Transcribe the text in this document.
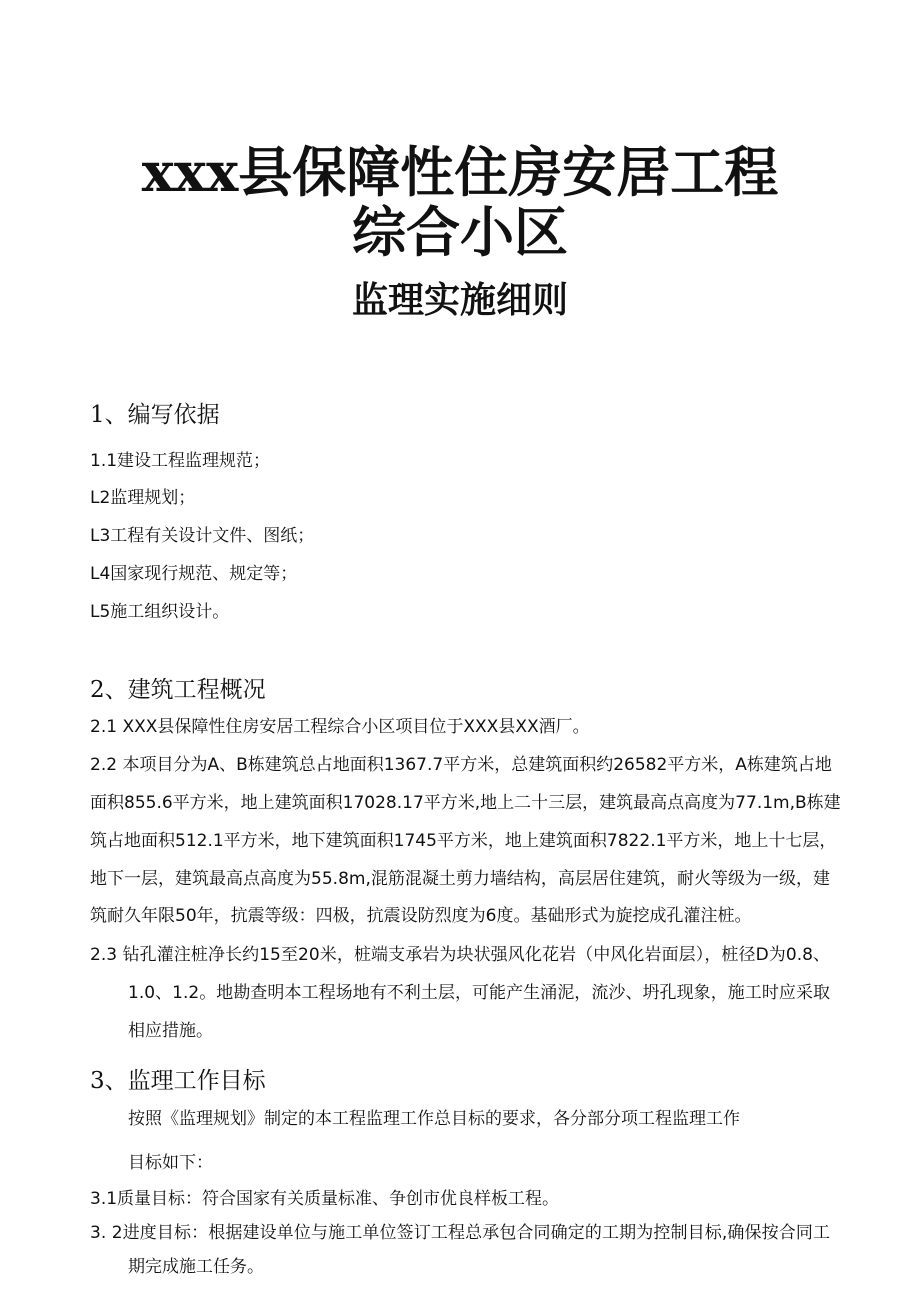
xxx县保障性住房安居工程
综合小区
监理实施细则
1、编写依据
1.1建设工程监理规范；
L2监理规划；
L3工程有关设计文件、图纸；
L4国家现行规范、规定等；
L5施工组织设计。
2、建筑工程概况
2.1 XXX县保障性住房安居工程综合小区项目位于XXX县XX酒厂。
2.2 本项目分为A、B栋建筑总占地面积1367.7平方米，总建筑面积约26582平方米，A栋建筑占地
面积855.6平方米，地上建筑面积17028.17平方米,地上二十三层，建筑最高点高度为77.1m,B栋建
筑占地面积512.1平方米，地下建筑面积1745平方米，地上建筑面积7822.1平方米，地上十七层，
地下一层，建筑最高点高度为55.8m,混筋混凝土剪力墙结构，高层居住建筑，耐火等级为一级，建
筑耐久年限50年，抗震等级：四极，抗震设防烈度为6度。基础形式为旋挖成孔灌注桩。
2.3 钻孔灌注桩净长约15至20米，桩端支承岩为块状强风化花岩（中风化岩面层），桩径D为0.8、
1.0、1.2。地勘查明本工程场地有不利土层，可能产生涌泥，流沙、坍孔现象，施工时应采取
相应措施。
3、监理工作目标
按照《监理规划》制定的本工程监理工作总目标的要求，各分部分项工程监理工作
目标如下：
3.1质量目标：符合国家有关质量标准、争创市优良样板工程。
3. 2进度目标：根据建设单位与施工单位签订工程总承包合同确定的工期为控制目标,确保按合同工
期完成施工任务。
